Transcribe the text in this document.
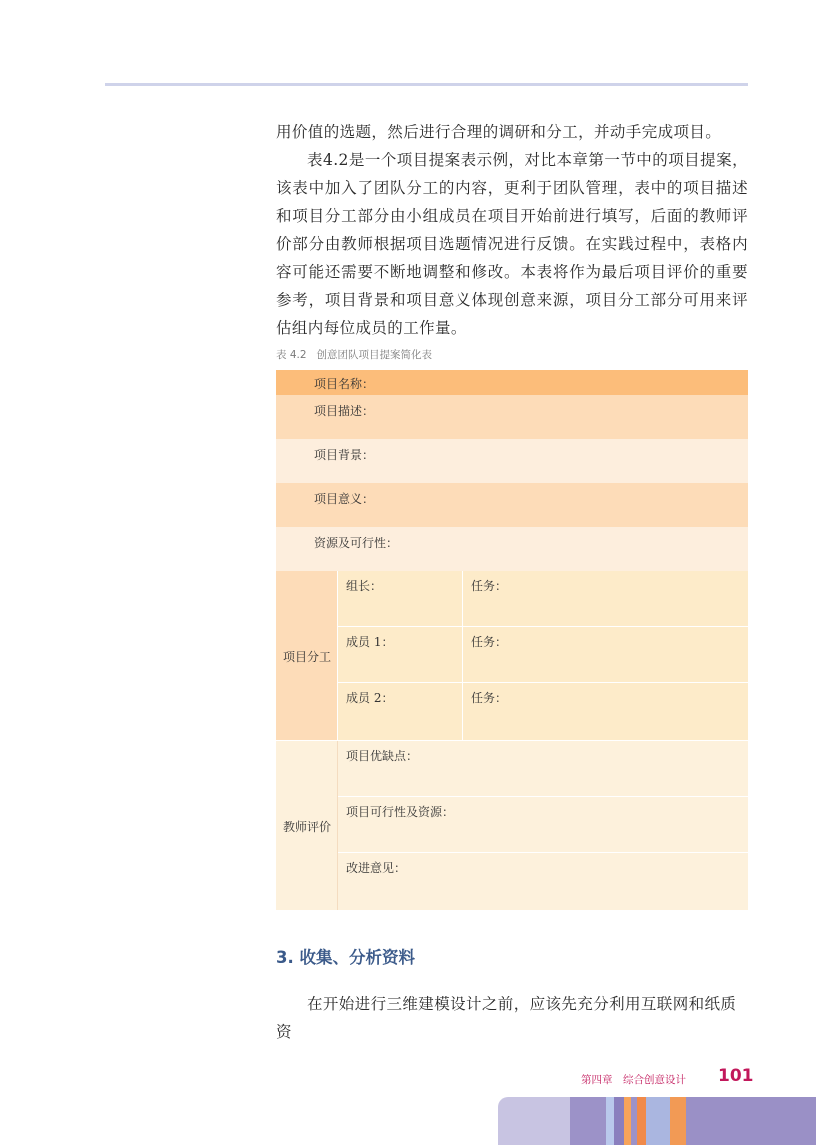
用价值的选题，然后进行合理的调研和分工，并动手完成项目。

表4.2是一个项目提案表示例，对比本章第一节中的项目提案，该表中加入了团队分工的内容，更利于团队管理，表中的项目描述和项目分工部分由小组成员在项目开始前进行填写，后面的教师评价部分由教师根据项目选题情况进行反馈。在实践过程中，表格内容可能还需要不断地调整和修改。本表将作为最后项目评价的重要参考，项目背景和项目意义体现创意来源，项目分工部分可用来评估组内每位成员的工作量。

表 4.2 创意团队项目提案简化表
项目名称：
项目描述：
项目背景：
项目意义：
资源及可行性：
项目分工
组长：	任务：
成员 1：	任务：
成员 2：	任务：
教师评价
项目优缺点：
项目可行性及资源：
改进意见：
3. 收集、分析资料

在开始进行三维建模设计之前，应该先充分利用互联网和纸质资

第四章　综合创意设计 101
